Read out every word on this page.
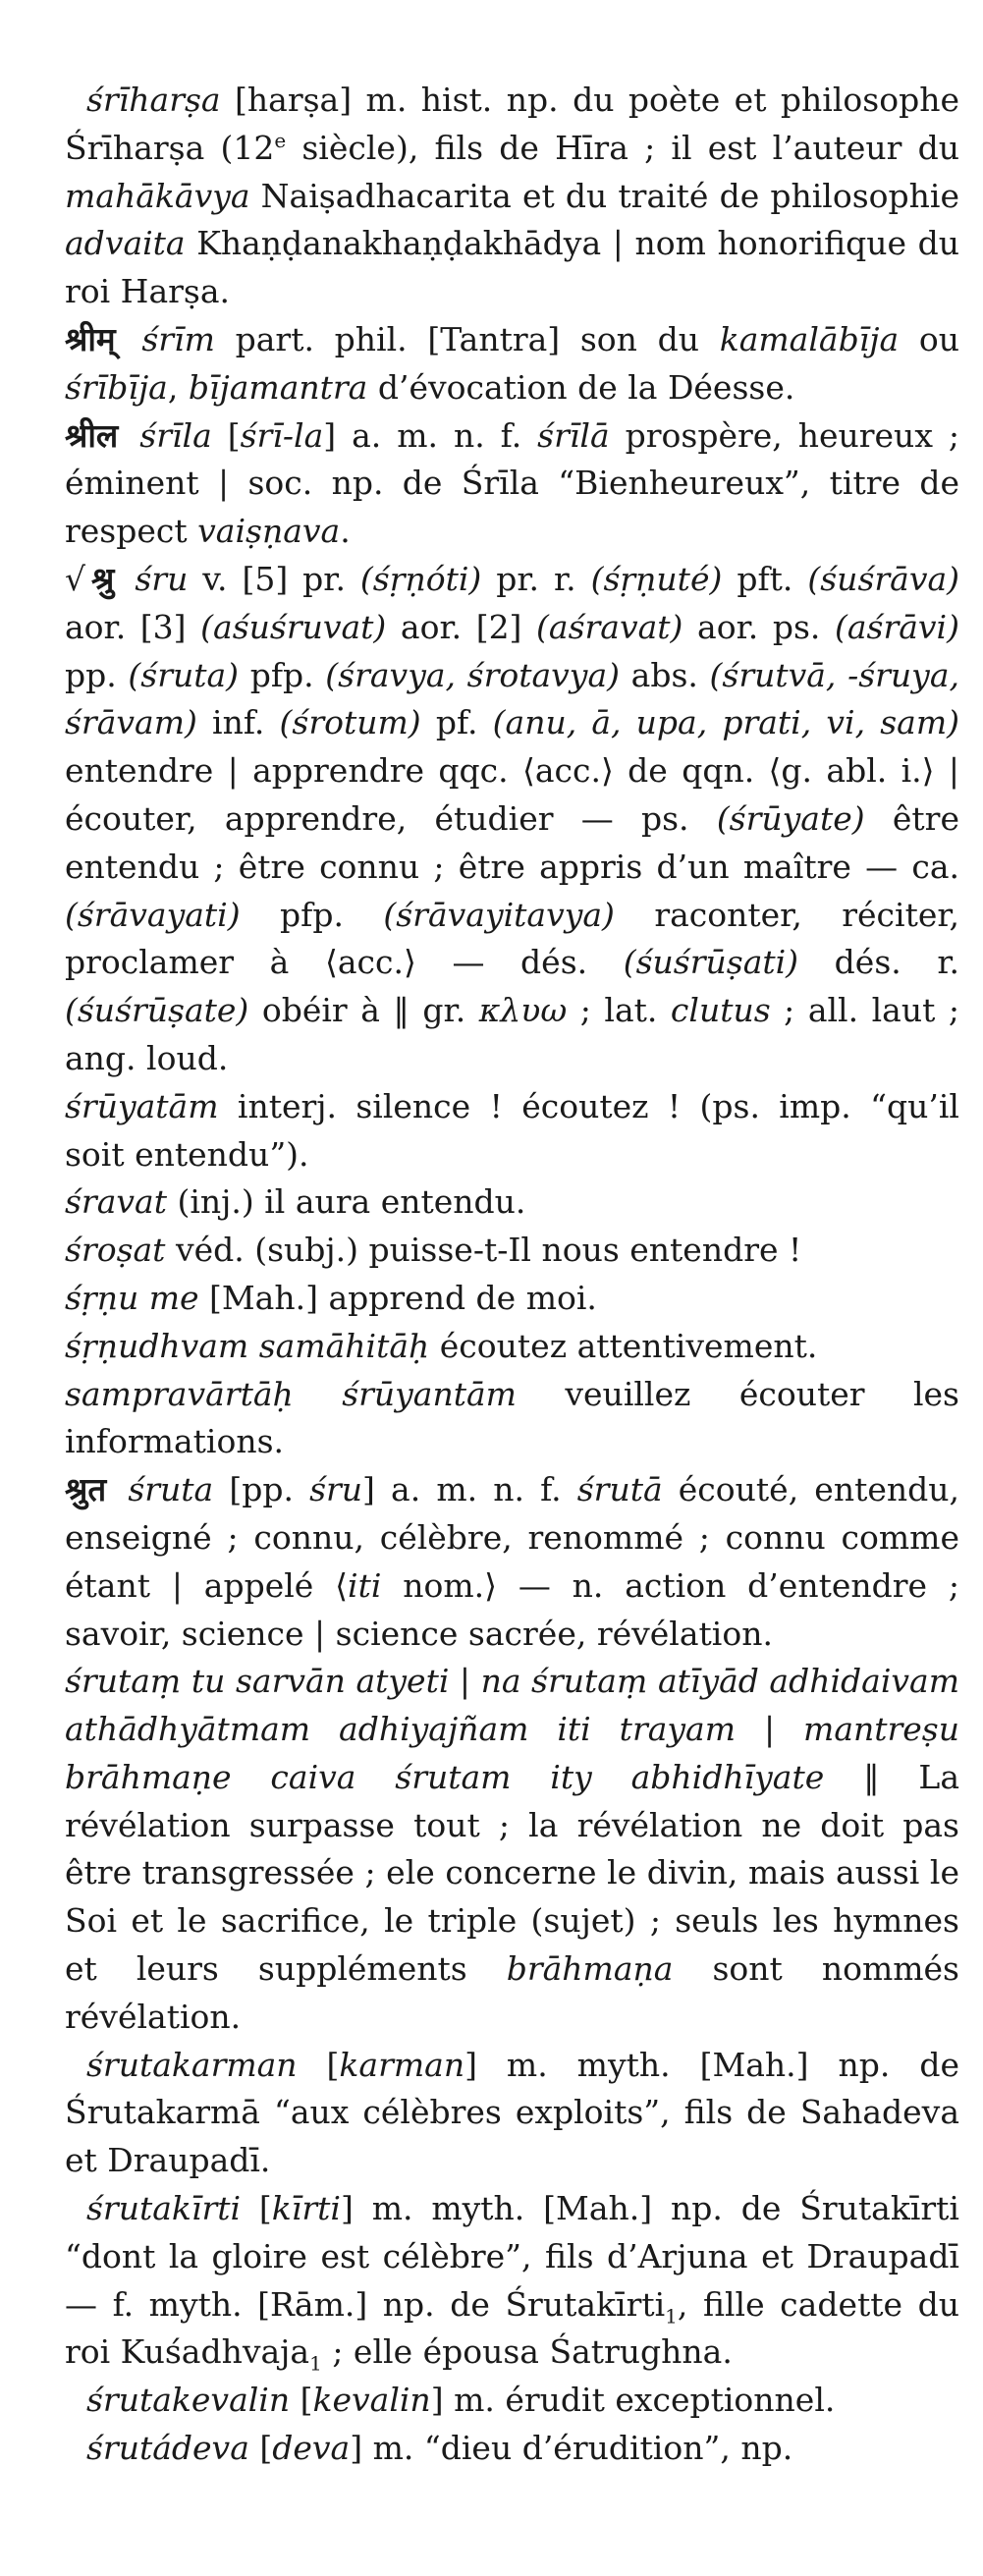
śrīharṣa [harṣa] m. hist. np. du poète et philosophe Śrīharṣa (12e siècle), fils de Hīra ; il est l’auteur du mahākāvya Naiṣadhacarita et du traité de philosophie advaita Khaṇḍanakhaṇḍakhādya | nom honorifique du roi Harṣa.

श्रीम् śrīm part. phil. [Tantra] son du kamalābīja ou śrībīja, bījamantra d’évocation de la Déesse.

श्रील śrīla [śrī-la] a. m. n. f. śrīlā prospère, heureux ; éminent | soc. np. de Śrīla “Bienheureux”, titre de respect vaiṣṇava.

√ श्रु śru v. [5] pr. (śṛṇóti) pr. r. (śṛṇuté) pft. (śuśrāva) aor. [3] (aśuśruvat) aor. [2] (aśravat) aor. ps. (aśrāvi) pp. (śruta) pfp. (śravya, śrotavya) abs. (śrutvā, -śruya, śrāvam) inf. (śrotum) pf. (anu, ā, upa, prati, vi, sam) entendre | apprendre qqc. ⟨acc.⟩ de qqn. ⟨g. abl. i.⟩ | écouter, apprendre, étudier — ps. (śrūyate) être entendu ; être connu ; être appris d’un maître — ca. (śrāvayati) pfp. (śrāvayitavya) raconter, réciter, proclamer à ⟨acc.⟩ — dés. (śuśrūṣati) dés. r. (śuśrūṣate) obéir à ‖ gr. κλυω ; lat. clutus ; all. laut ; ang. loud.

śrūyatām interj. silence ! écoutez ! (ps. imp. “qu’il soit entendu”).

śravat (inj.) il aura entendu.

śroṣat véd. (subj.) puisse-t-Il nous entendre !

śṛṇu me [Mah.] apprend de moi.

śṛṇudhvam samāhitāḥ écoutez attentivement.

sampravārtāḥ śrūyantām veuillez écouter les informations.

श्रुत śruta [pp. śru] a. m. n. f. śrutā écouté, entendu, enseigné ; connu, célèbre, renommé ; connu comme étant | appelé ⟨iti nom.⟩ — n. action d’entendre ; savoir, science | science sacrée, révélation.

śrutaṃ tu sarvān atyeti | na śrutaṃ atīyād adhidaivam athādhyātmam adhiyajñam iti trayam | mantreṣu brāhmaṇe caiva śrutam ity abhidhīyate ‖ La révélation surpasse tout ; la révélation ne doit pas être transgressée ; ele concerne le divin, mais aussi le Soi et le sacrifice, le triple (sujet) ; seuls les hymnes et leurs suppléments brāhmaṇa sont nommés révélation.

śrutakarman [karman] m. myth. [Mah.] np. de Śrutakarmā “aux célèbres exploits”, fils de Sahadeva et Draupadī.

śrutakīrti [kīrti] m. myth. [Mah.] np. de Śrutakīrti “dont la gloire est célèbre”, fils d’Arjuna et Draupadī — f. myth. [Rām.] np. de Śrutakīrti$_1$, fille cadette du roi Kuśadhvaja$_1$ ; elle épousa Śatrughna.

śrutakevalin [kevalin] m. érudit exceptionnel.

śrutádeva [deva] m. “dieu d’érudition”, np.
